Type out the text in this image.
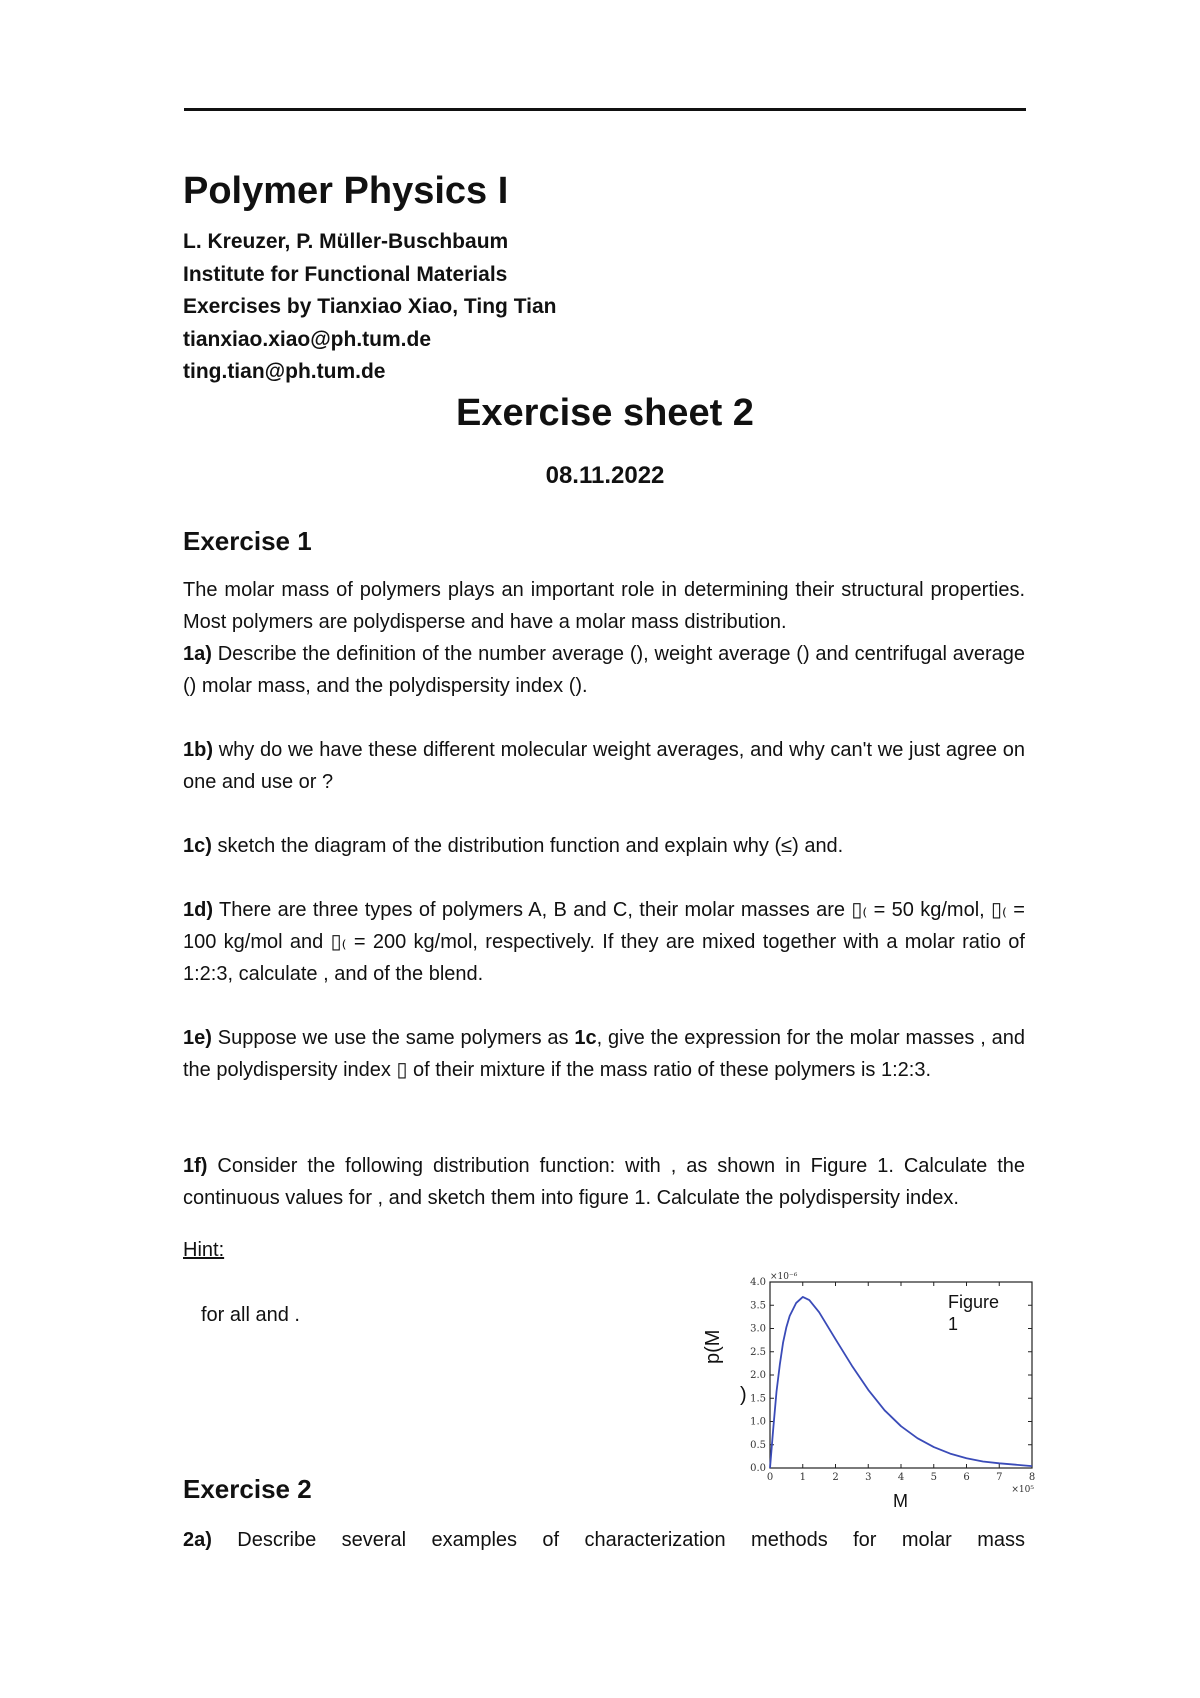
Polymer Physics I
L. Kreuzer, P. Müller-Buschbaum
Institute for Functional Materials
Exercises by Tianxiao Xiao, Ting Tian
tianxiao.xiao@ph.tum.de
ting.tian@ph.tum.de
Exercise sheet 2
08.11.2022
Exercise 1
The molar mass of polymers plays an important role in determining their structural properties. Most polymers are polydisperse and have a molar mass distribution.
1a) Describe the definition of the number average (), weight average () and centrifugal average () molar mass, and the polydispersity index ().
1b) why do we have these different molecular weight averages, and why can't we just agree on one and use or ?
1c) sketch the diagram of the distribution function and explain why (≤) and.
1d) There are three types of polymers A, B and C, their molar masses are ▯₍ = 50 kg/mol, ▯₍ = 100 kg/mol and ▯₍ = 200 kg/mol, respectively. If they are mixed together with a molar ratio of 1:2:3, calculate , and of the blend.
1e) Suppose we use the same polymers as 1c, give the expression for the molar masses , and the polydispersity index ▯ of their mixture if the mass ratio of these polymers is 1:2:3.
1f) Consider the following distribution function: with , as shown in Figure 1. Calculate the continuous values for , and sketch them into figure 1. Calculate the polydispersity index.
Hint:
for all and .
0	1	2	3	4	5	6	7	8
0.0
0.5
1.0
1.5
2.0
2.5
3.0
3.5
4.0 ×10⁻⁶
×10⁵
Figure
1
p(M
)
M
Exercise 2
2a) Describe several examples of characterization methods for molar mass
